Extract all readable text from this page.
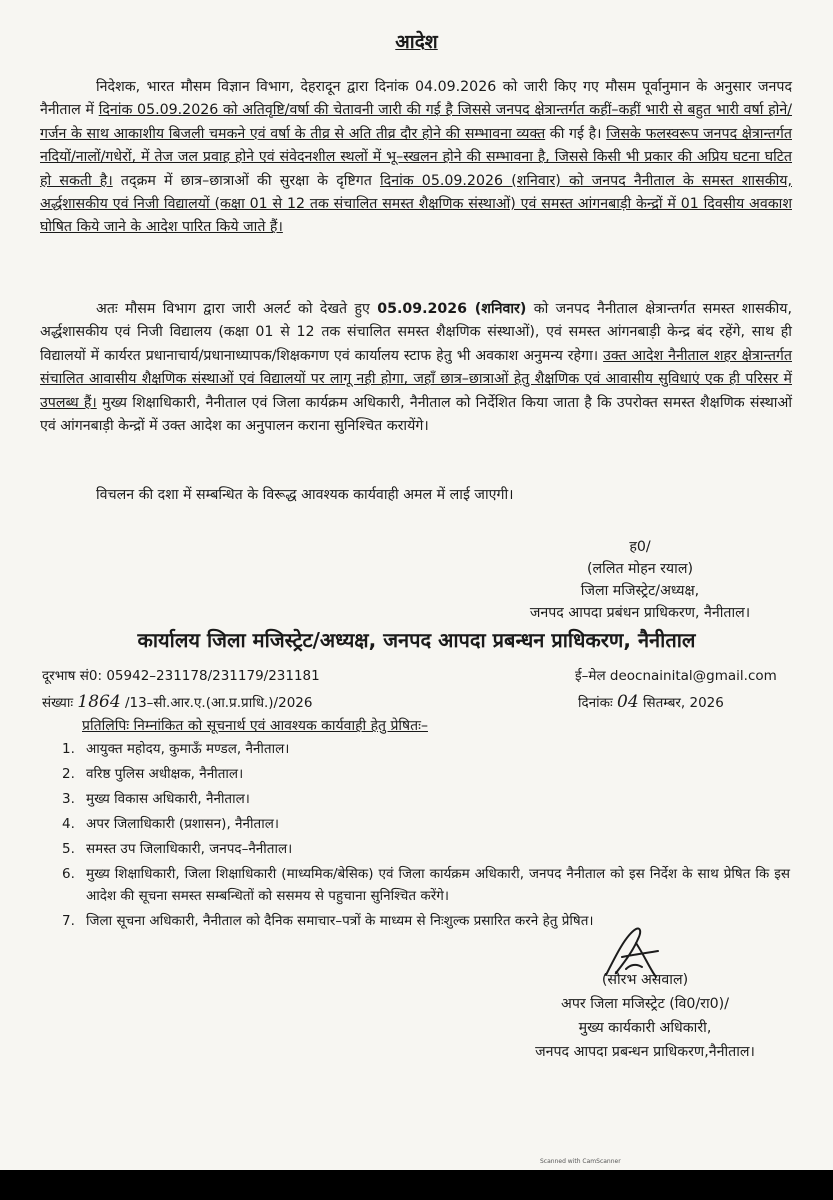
आदेश

निदेशक, भारत मौसम विज्ञान विभाग, देहरादून द्वारा दिनांक 04.09.2026 को जारी किए गए मौसम पूर्वानुमान के अनुसार जनपद नैनीताल में दिनांक 05.09.2026 को अतिवृष्टि/वर्षा की चेतावनी जारी की गई है जिससे जनपद क्षेत्रान्तर्गत कहीं–कहीं भारी से बहुत भारी वर्षा होने/गर्जन के साथ आकाशीय बिजली चमकने एवं वर्षा के तीव्र से अति तीव्र दौर होने की सम्भावना व्यक्त की गई है। जिसके फलस्वरूप जनपद क्षेत्रान्तर्गत नदियों/नालों/गधेरों, में तेज जल प्रवाह होने एवं संवेदनशील स्थलों में भू–स्खलन होने की सम्भावना है, जिससे किसी भी प्रकार की अप्रिय घटना घटित हो सकती है। तद्क्रम में छात्र–छात्राओं की सुरक्षा के दृष्टिगत दिनांक 05.09.2026 (शनिवार) को जनपद नैनीताल के समस्त शासकीय, अर्द्धशासकीय एवं निजी विद्यालयों (कक्षा 01 से 12 तक संचालित समस्त शैक्षणिक संस्थाओं) एवं समस्त आंगनबाड़ी केन्द्रों में 01 दिवसीय अवकाश घोषित किये जाने के आदेश पारित किये जाते हैं।

अतः मौसम विभाग द्वारा जारी अलर्ट को देखते हुए 05.09.2026 (शनिवार) को जनपद नैनीताल क्षेत्रान्तर्गत समस्त शासकीय, अर्द्धशासकीय एवं निजी विद्यालय (कक्षा 01 से 12 तक संचालित समस्त शैक्षणिक संस्थाओं), एवं समस्त आंगनबाड़ी केन्द्र बंद रहेंगे, साथ ही विद्यालयों में कार्यरत प्रधानाचार्य/प्रधानाध्यापक/शिक्षकगण एवं कार्यालय स्टाफ हेतु भी अवकाश अनुमन्य रहेगा। उक्त आदेश नैनीताल शहर क्षेत्रान्तर्गत संचालित आवासीय शैक्षणिक संस्थाओं एवं विद्यालयों पर लागू नही होगा, जहाँ छात्र–छात्राओं हेतु शैक्षणिक एवं आवासीय सुविधाएं एक ही परिसर में उपलब्ध हैं। मुख्य शिक्षाधिकारी, नैनीताल एवं जिला कार्यक्रम अधिकारी, नैनीताल को निर्देशित किया जाता है कि उपरोक्त समस्त शैक्षणिक संस्थाओं एवं आंगनबाड़ी केन्द्रों में उक्त आदेश का अनुपालन कराना सुनिश्चित करायेंगे।

विचलन की दशा में सम्बन्धित के विरूद्ध आवश्यक कार्यवाही अमल में लाई जाएगी।

ह0/
(ललित मोहन रयाल)
जिला मजिस्ट्रेट/अध्यक्ष,
जनपद आपदा प्रबंधन प्राधिकरण, नैनीताल।
कार्यालय जिला मजिस्ट्रेट/अध्यक्ष, जनपद आपदा प्रबन्धन प्राधिकरण, नैनीताल
दूरभाष सं0: 05942–231178/231179/231181	ई–मेल deocnainital@gmail.com
संख्याः 1864 /13–सी.आर.ए.(आ.प्र.प्राधि.)/2026	दिनांकः 04 सितम्बर, 2026
प्रतिलिपिः निम्नांकित को सूचनार्थ एवं आवश्यक कार्यवाही हेतु प्रेषितः–
1. आयुक्त महोदय, कुमाऊँ मण्डल, नैनीताल।
2. वरिष्ठ पुलिस अधीक्षक, नैनीताल।
3. मुख्य विकास अधिकारी, नैनीताल।
4. अपर जिलाधिकारी (प्रशासन), नैनीताल।
5. समस्त उप जिलाधिकारी, जनपद–नैनीताल।
6. मुख्य शिक्षाधिकारी, जिला शिक्षाधिकारी (माध्यमिक/बेसिक) एवं जिला कार्यक्रम अधिकारी, जनपद नैनीताल को इस निर्देश के साथ प्रेषित कि इस आदेश की सूचना समस्त सम्बन्धितों को ससमय से पहुचाना सुनिश्चित करेंगे।
7. जिला सूचना अधिकारी, नैनीताल को दैनिक समाचार–पत्रों के माध्यम से निःशुल्क प्रसारित करने हेतु प्रेषित।
(सौरभ असवाल)
अपर जिला मजिस्ट्रेट (वि0/रा0)/
मुख्य कार्यकारी अधिकारी,
जनपद आपदा प्रबन्धन प्राधिकरण,नैनीताल।
Scanned with CamScanner
